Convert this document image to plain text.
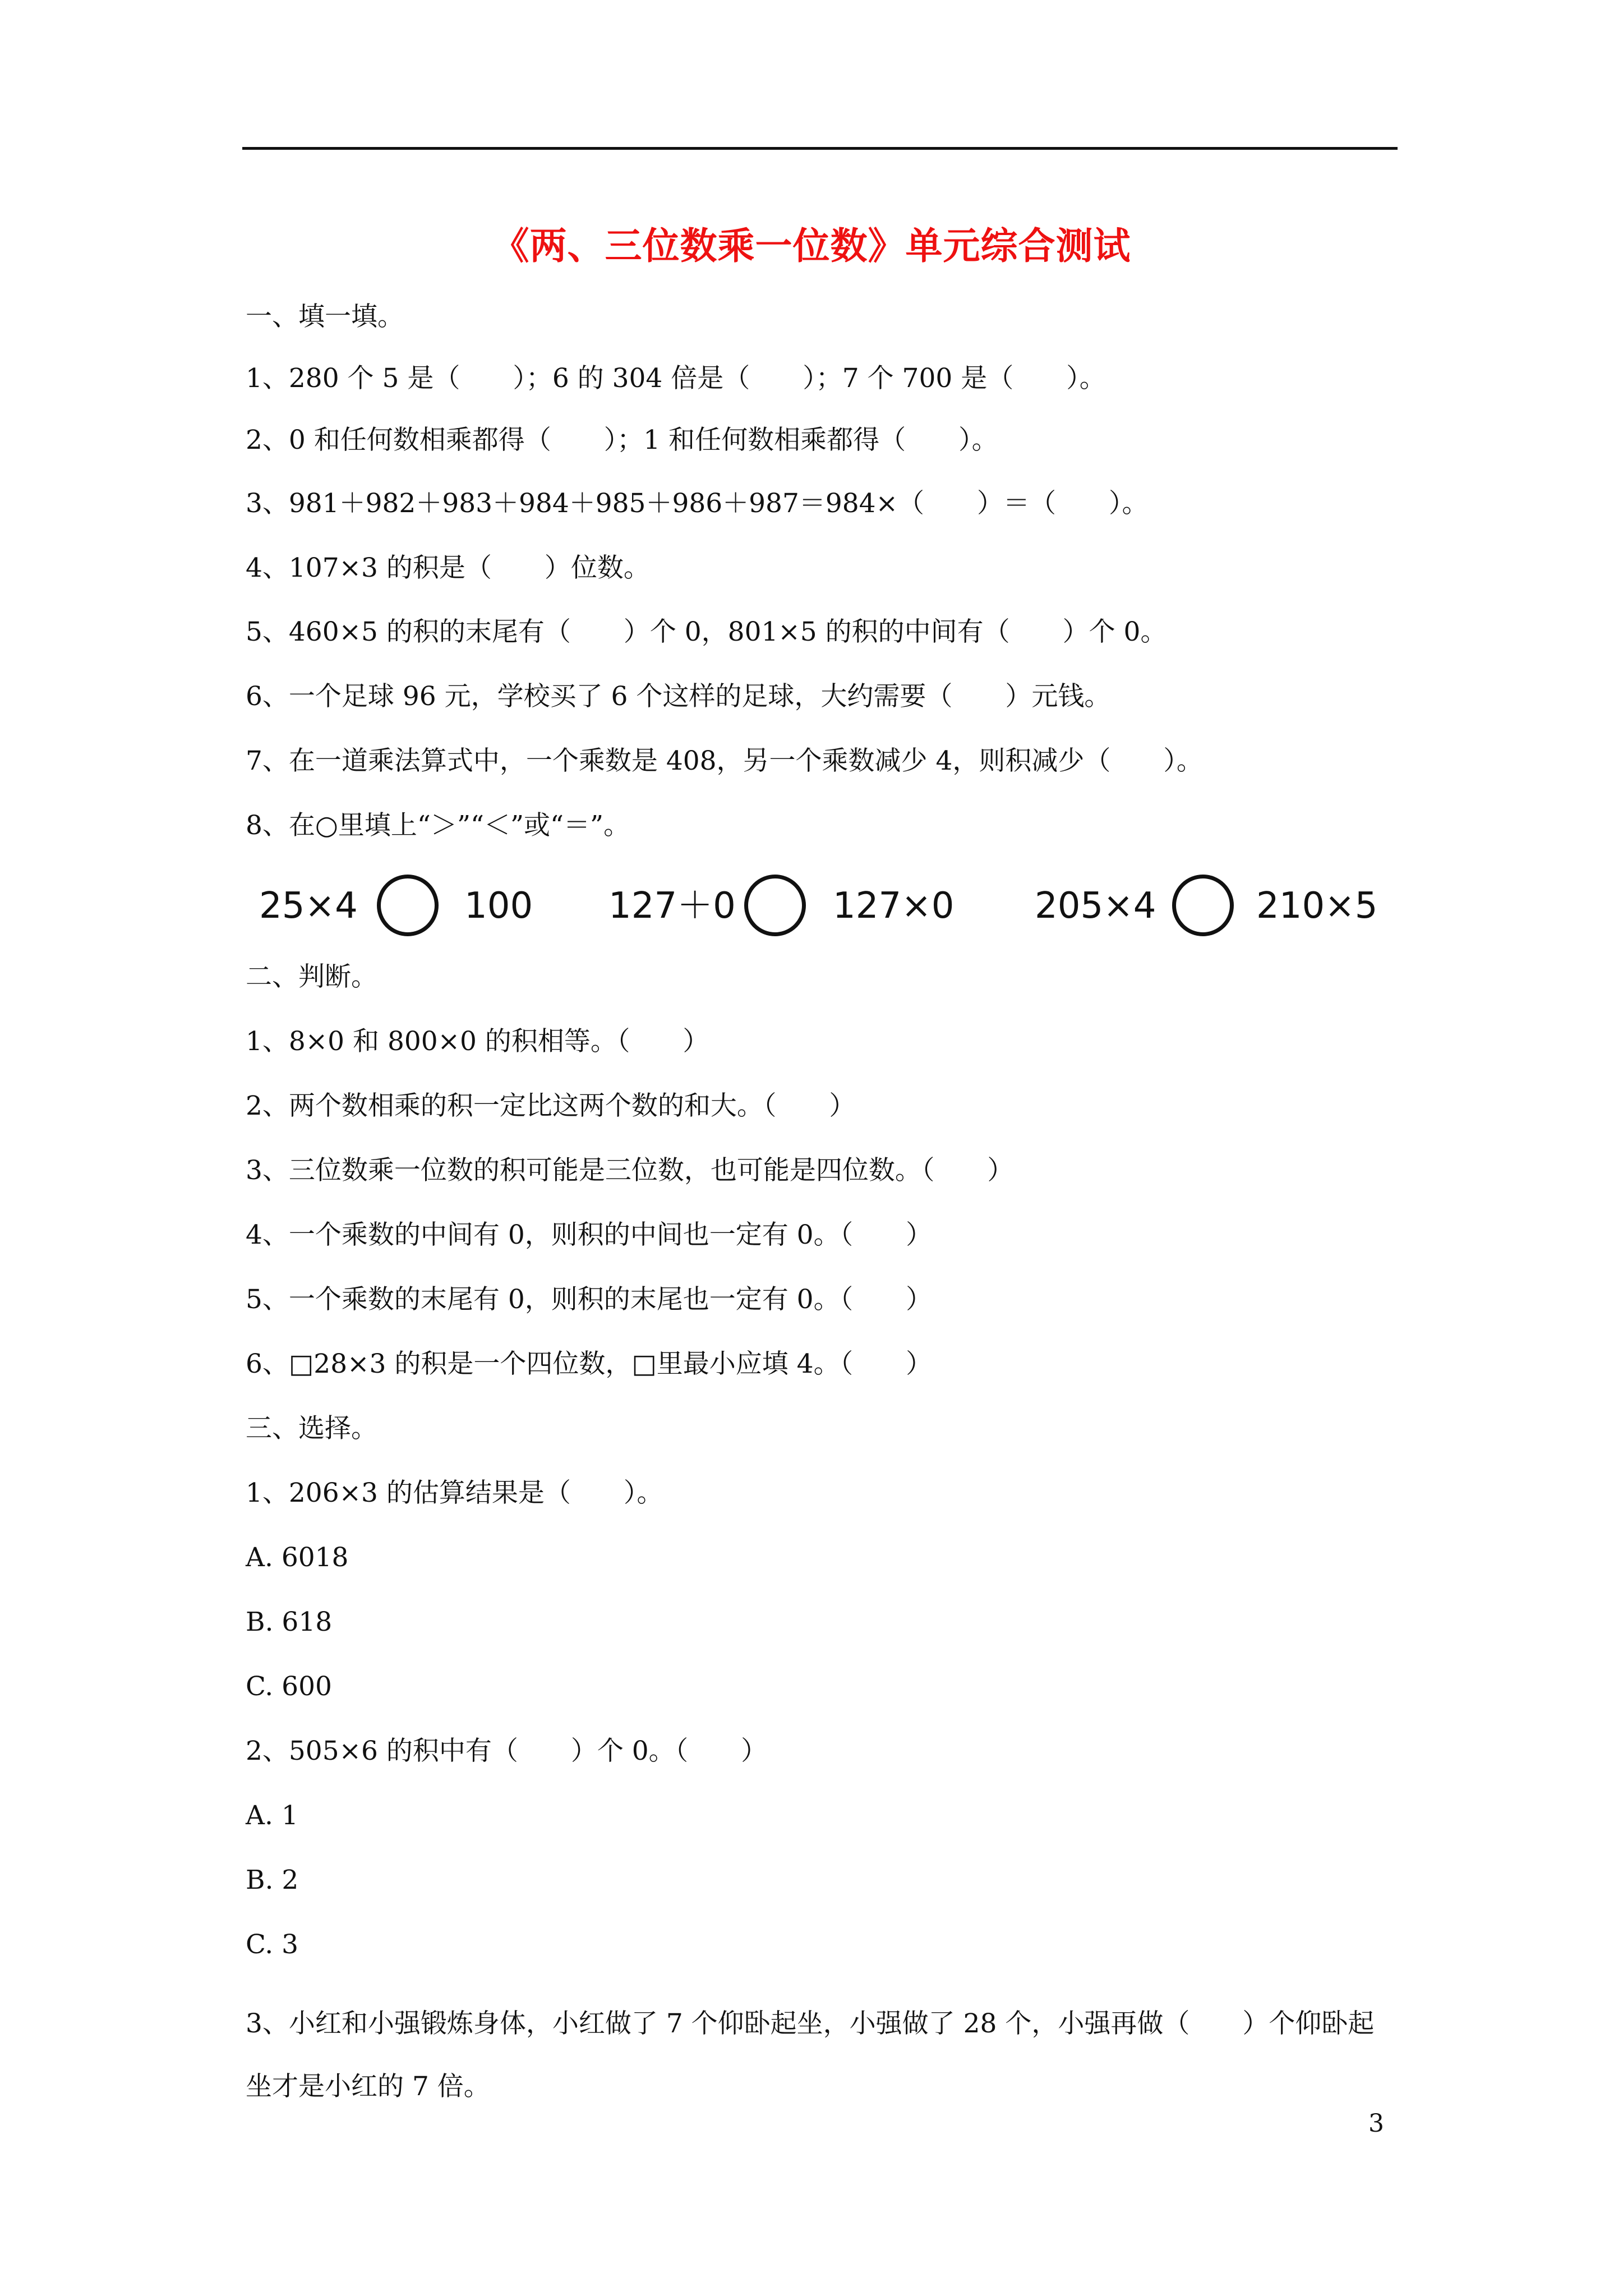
《两、三位数乘一位数》单元综合测试
一、填一填。
1、280 个 5 是（　　）；6 的 304 倍是（　　）；7 个 700 是（　　）。
2、0 和任何数相乘都得（　　）；1 和任何数相乘都得（　　）。
3、981＋982＋983＋984＋985＋986＋987＝984×（　　）＝（　　）。
4、107×3 的积是（　　）位数。
5、460×5 的积的末尾有（　　）个 0，801×5 的积的中间有（　　）个 0。
6、一个足球 96 元，学校买了 6 个这样的足球，大约需要（　　）元钱。
7、在一道乘法算式中，一个乘数是 408，另一个乘数减少 4，则积减少（　　）。
8、在○里填上“＞”“＜”或“＝”。
25×4	100 127＋0	127×0 205×4	210×5
二、判断。
1、8×0 和 800×0 的积相等。（　　）
2、两个数相乘的积一定比这两个数的和大。（　　）
3、三位数乘一位数的积可能是三位数，也可能是四位数。（　　）
4、一个乘数的中间有 0，则积的中间也一定有 0。（　　）
5、一个乘数的末尾有 0，则积的末尾也一定有 0。（　　）
6、□28×3 的积是一个四位数，□里最小应填 4。（　　）
三、选择。
1、206×3 的估算结果是（　　）。
A. 6018
B. 618
C. 600
2、505×6 的积中有（　　）个 0。（　　）
A. 1
B. 2
C. 3
3、小红和小强锻炼身体，小红做了 7 个仰卧起坐，小强做了 28 个，小强再做（　　）个仰卧起坐才是小红的 7 倍。
3
